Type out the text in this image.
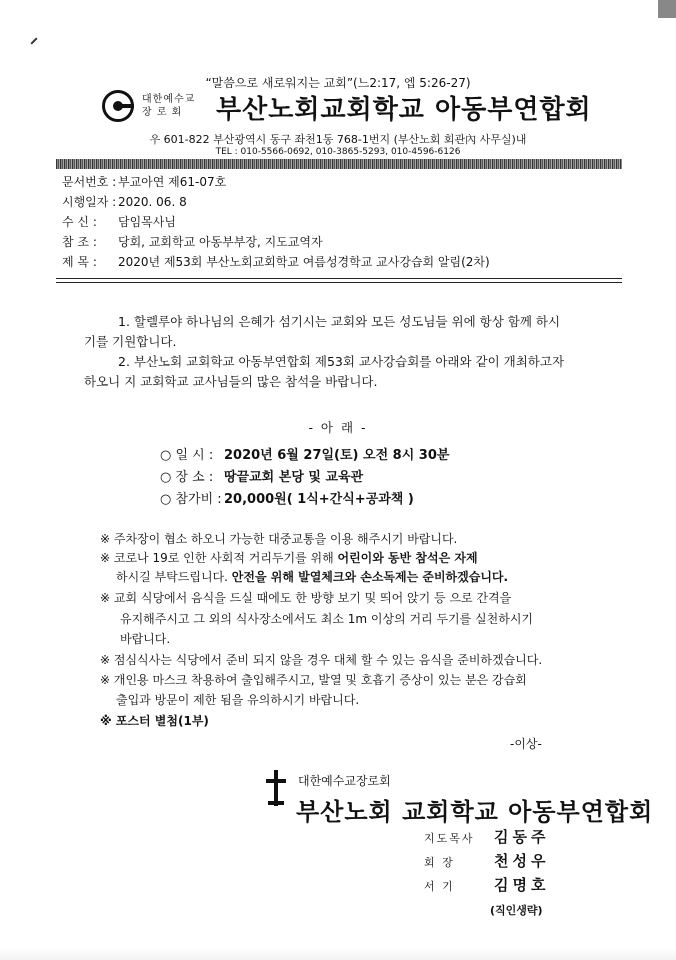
“말씀으로 새로워지는 교회”(느2:17, 엡 5:26-27)
대한예수교
장 로 회	부산노회교회학교 아동부연합회
우 601-822 부산광역시 동구 좌천1동 768-1번지 (부산노회 회관內 사무실)내
TEL : 010-5566-0692, 010-3865-5293, 010-4596-6126
문서번호 : 부교아연 제61-07호
시행일자 : 2020. 06. 8
수 신 : 담임목사님
참 조 : 당회, 교회학교 아동부부장, 지도교역자
제 목 : 2020년 제53회 부산노회교회학교 여름성경학교 교사강습회 알림(2차)
1. 할렐루야 하나님의 은혜가 섬기시는 교회와 모든 성도님들 위에 항상 함께 하시
기를 기원합니다.
2. 부산노회 교회학교 아동부연합회 제53회 교사강습회를 아래와 같이 개최하고자
하오니 지 교회학교 교사님들의 많은 참석을 바랍니다.
- 아 래 -
○ 일 시 : 2020년 6월 27일(토) 오전 8시 30분
○ 장 소 : 땅끝교회 본당 및 교육관
○ 참가비 : 20,000원( 1식+간식+공과책 )
※ 주차장이 협소 하오니 가능한 대중교통을 이용 해주시기 바랍니다.
※ 코로나 19로 인한 사회적 거리두기를 위해 어린이와 동반 참석은 자제
하시길 부탁드립니다. 안전을 위해 발열체크와 손소독제는 준비하겠습니다.
※ 교회 식당에서 음식을 드실 때에도 한 방향 보기 및 띄어 앉기 등 으로 간격을
유지해주시고 그 외의 식사장소에서도 최소 1m 이상의 거리 두기를 실천하시기
바랍니다.
※ 점심식사는 식당에서 준비 되지 않을 경우 대체 할 수 있는 음식을 준비하겠습니다.
※ 개인용 마스크 착용하여 출입해주시고, 발열 및 호흡기 증상이 있는 분은 강습회
출입과 방문이 제한 됨을 유의하시기 바랍니다.
※ 포스터 별첨(1부)
-이상-
대한예수교장로회
부산노회 교회학교 아동부연합회
지도목사 김동주
회 장	천성우
서 기	김명호
(직인생략)
